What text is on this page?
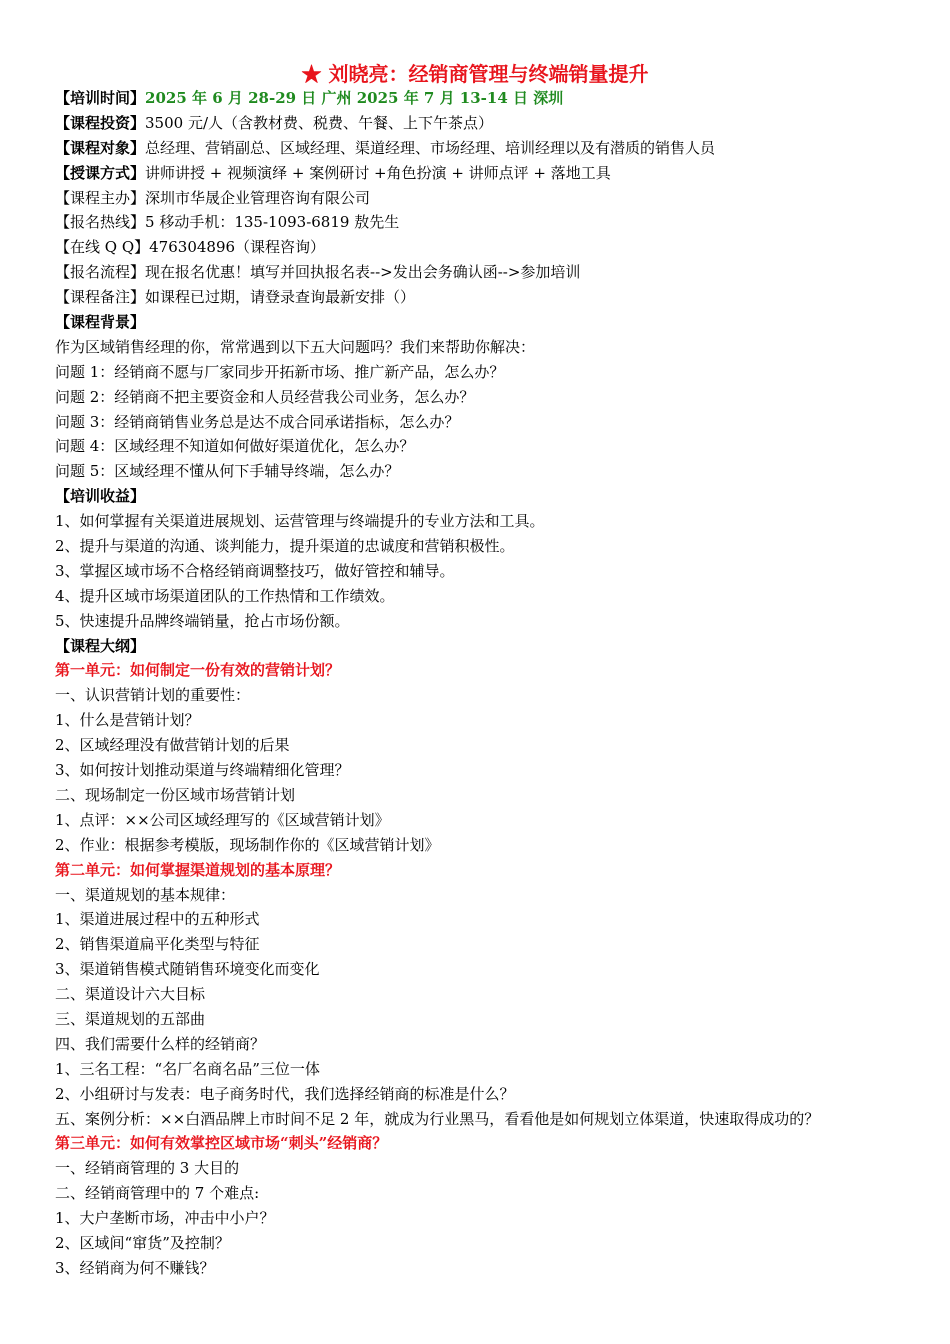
★ 刘晓亮：经销商管理与终端销量提升
【培训时间】2025 年 6 月 28-29 日 广州 2025 年 7 月 13-14 日 深圳
【课程投资】3500 元/人（含教材费、税费、午餐、上下午茶点）
【课程对象】总经理、营销副总、区域经理、渠道经理、市场经理、培训经理以及有潜质的销售人员
【授课方式】讲师讲授 + 视频演绎 + 案例研讨 +角色扮演 + 讲师点评 + 落地工具
【课程主办】深圳市华晟企业管理咨询有限公司
【报名热线】5 移动手机：135-1093-6819 敖先生
【在线 Q Q】476304896（课程咨询）
【报名流程】现在报名优惠！填写并回执报名表-->发出会务确认函-->参加培训
【课程备注】如课程已过期，请登录查询最新安排（）
【课程背景】
作为区域销售经理的你，常常遇到以下五大问题吗？我们来帮助你解决：
问题 1：经销商不愿与厂家同步开拓新市场、推广新产品，怎么办？
问题 2：经销商不把主要资金和人员经营我公司业务，怎么办？
问题 3：经销商销售业务总是达不成合同承诺指标，怎么办？
问题 4：区域经理不知道如何做好渠道优化，怎么办？
问题 5：区域经理不懂从何下手辅导终端，怎么办？
【培训收益】
1、如何掌握有关渠道进展规划、运营管理与终端提升的专业方法和工具。
2、提升与渠道的沟通、谈判能力，提升渠道的忠诚度和营销积极性。
3、掌握区域市场不合格经销商调整技巧，做好管控和辅导。
4、提升区域市场渠道团队的工作热情和工作绩效。
5、快速提升品牌终端销量，抢占市场份额。
【课程大纲】
第一单元：如何制定一份有效的营销计划？
一、认识营销计划的重要性：
1、什么是营销计划？
2、区域经理没有做营销计划的后果
3、如何按计划推动渠道与终端精细化管理？
二、现场制定一份区域市场营销计划
1、点评：××公司区域经理写的《区域营销计划》
2、作业：根据参考模版，现场制作你的《区域营销计划》
第二单元：如何掌握渠道规划的基本原理？
一、渠道规划的基本规律：
1、渠道进展过程中的五种形式
2、销售渠道扁平化类型与特征
3、渠道销售模式随销售环境变化而变化
二、渠道设计六大目标
三、渠道规划的五部曲
四、我们需要什么样的经销商？
1、三名工程：“名厂名商名品”三位一体
2、小组研讨与发表：电子商务时代，我们选择经销商的标准是什么？
五、案例分析：××白酒品牌上市时间不足 2 年，就成为行业黑马，看看他是如何规划立体渠道，快速取得成功的？
第三单元：如何有效掌控区域市场“刺头”经销商？
一、经销商管理的 3 大目的
二、经销商管理中的 7 个难点:
1、大户垄断市场，冲击中小户？
2、区域间“窜货”及控制？
3、经销商为何不赚钱？
